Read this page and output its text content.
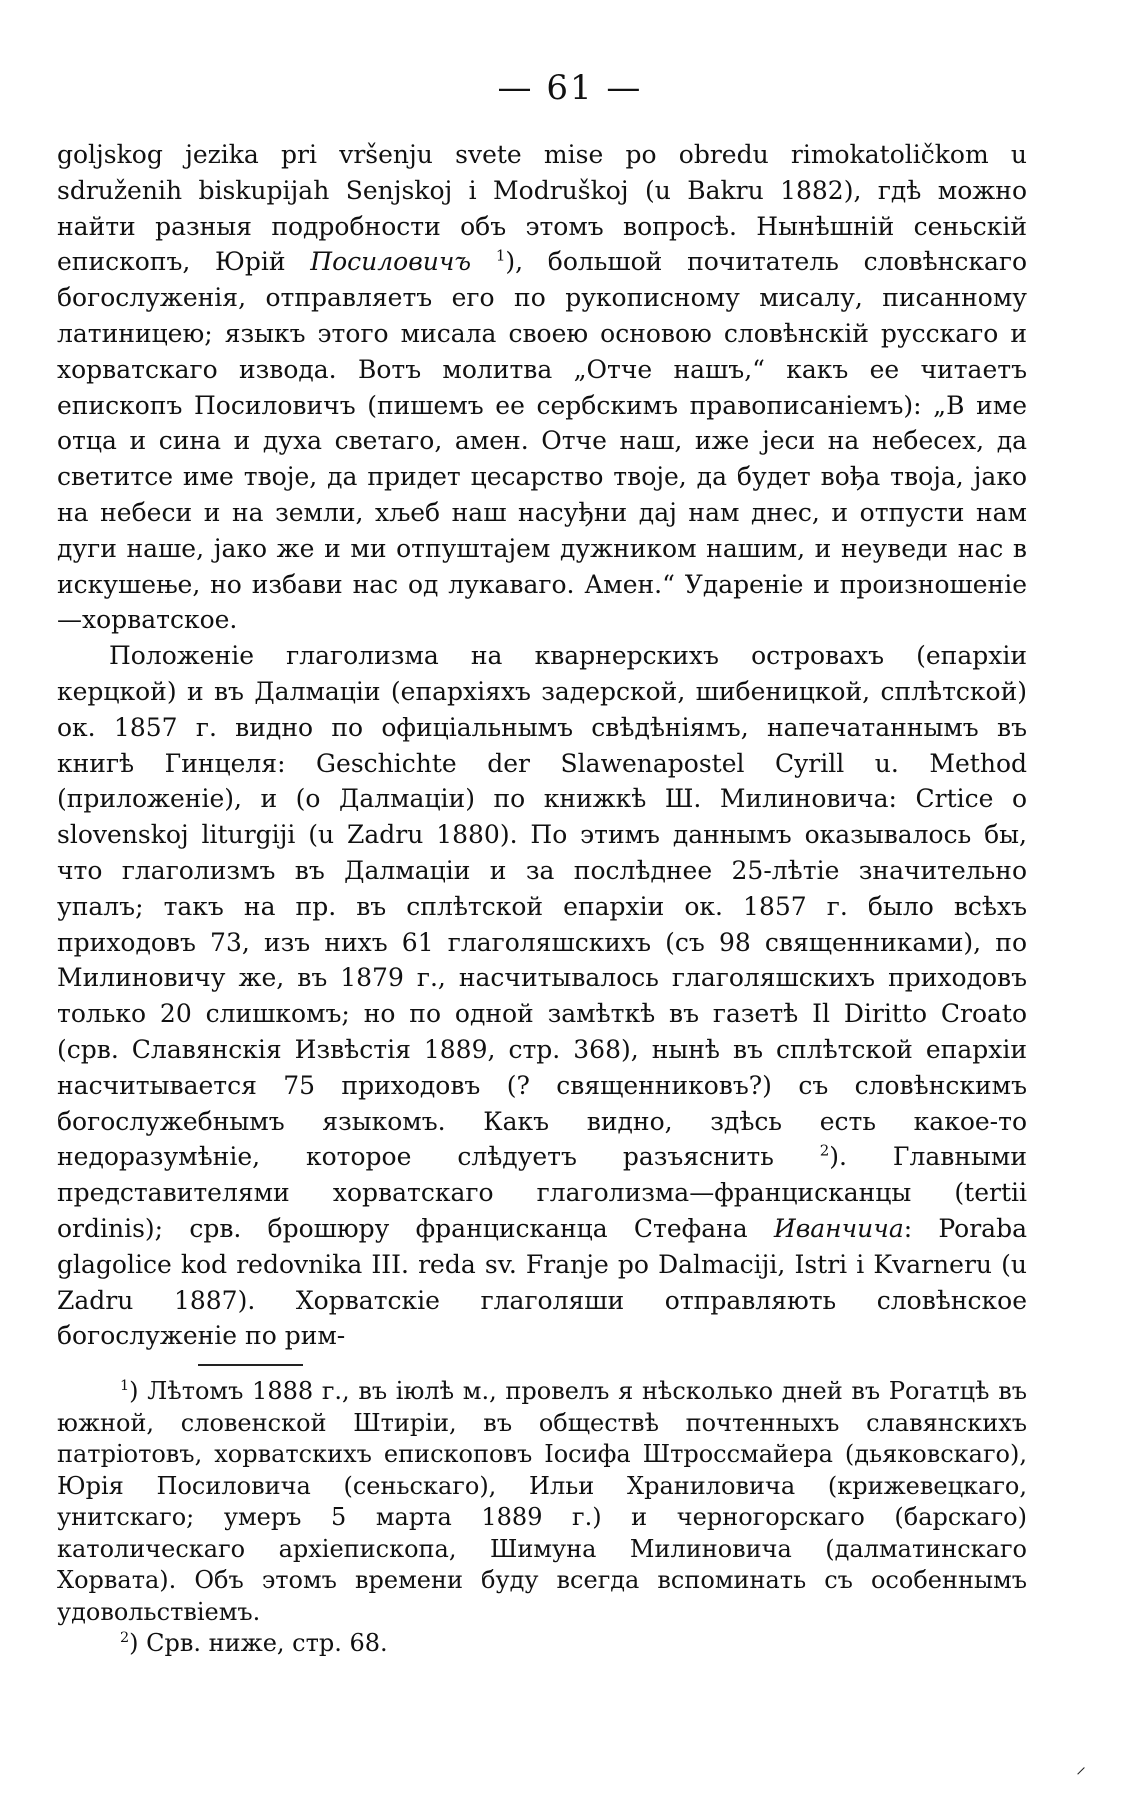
— 61 —

goljskog jezika pri vršenju svete mise po obredu rimokatoličkom u sdruženih biskupijah Senjskoj i Modruškoj (u Bakru 1882), гдѣ можно найти разныя подробности объ этомъ вопросѣ. Нынѣшній сеньскій епископъ, Юрій Посиловичъ $^1$), большой почитатель словѣнскаго богослуженія, отправляетъ его по рукописному мисалу, писанному латиницею; языкъ этого мисала своею основою словѣнскій русскаго и хорватскаго извода. Вотъ молитва „Отче нашъ,“ какъ ее читаетъ епископъ Посиловичъ (пишемъ ее сербскимъ правописаніемъ): „В име отца и сина и духа светаго, амен. Отче наш, иже јеси на небесех, да светитсе име твоје, да придет цесарство твоје, да будет вођа твоја, јако на небеси и на земли, хљеб наш насуђни дај нам днес, и отпусти нам дуги наше, јако же и ми отпуштајем дужником нашим, и неуведи нас в искушење, но избави нас од лукаваго. Амен.“ Удареніе и произношеніе—хорватское.

Положеніе глаголизма на кварнерскихъ островахъ (епархіи керцкой) и въ Далмаціи (епархіяхъ задерской, шибеницкой, сплѣтской) ок. 1857 г. видно по офиціальнымъ свѣдѣніямъ, напечатаннымъ въ книгѣ Гинцеля: Geschichte der Slawenapostel Cyrill u. Method (приложеніе), и (о Далмаціи) по книжкѣ Ш. Милиновича: Crtice o slovenskoj liturgiji (u Zadru 1880). По этимъ даннымъ оказывалось бы, что глаголизмъ въ Далмаціи и за послѣднее 25-лѣтіе значительно упалъ; такъ на пр. въ сплѣтской епархіи ок. 1857 г. было всѣхъ приходовъ 73, изъ нихъ 61 глаголяшскихъ (съ 98 священниками), по Милиновичу же, въ 1879 г., насчитывалось глаголяшскихъ приходовъ только 20 слишкомъ; но по одной замѣткѣ въ газетѣ Il Diritto Croato (срв. Славянскія Извѣстія 1889, стр. 368), нынѣ въ сплѣтской епархіи насчитывается 75 приходовъ (? священниковъ?) съ словѣнскимъ богослужебнымъ языкомъ. Какъ видно, здѣсь есть какое-то недоразумѣніе, которое слѣдуетъ разъяснить $^2$). Главными представителями хорватскаго глаголизма—францисканцы (tertii ordinis); срв. брошюру францисканца Стефана Иванчича: Poraba glagolice kod redovnika III. reda sv. Franje po Dalmaciji, Istri i Kvarneru (u Zadru 1887). Хорватскіе глаголяши отправляють словѣнское богослуженіе по рим-

$^1$) Лѣтомъ 1888 г., въ іюлѣ м., провелъ я нѣсколько дней въ Рогатцѣ въ южной, словенской Штиріи, въ обществѣ почтенныхъ славянскихъ патріотовъ, хорватскихъ епископовъ Іосифа Штроссмайера (дьяковскаго), Юрія Посиловича (сеньскаго), Ильи Храниловича (крижевецкаго, унитскаго; умеръ 5 марта 1889 г.) и черногорскаго (барскаго) католическаго архіепископа, Шимуна Милиновича (далматинскаго Хорвата). Объ этомъ времени буду всегда вспоминать съ особеннымъ удовольствіемъ.

$^2$) Срв. ниже, стр. 68.

⸝
